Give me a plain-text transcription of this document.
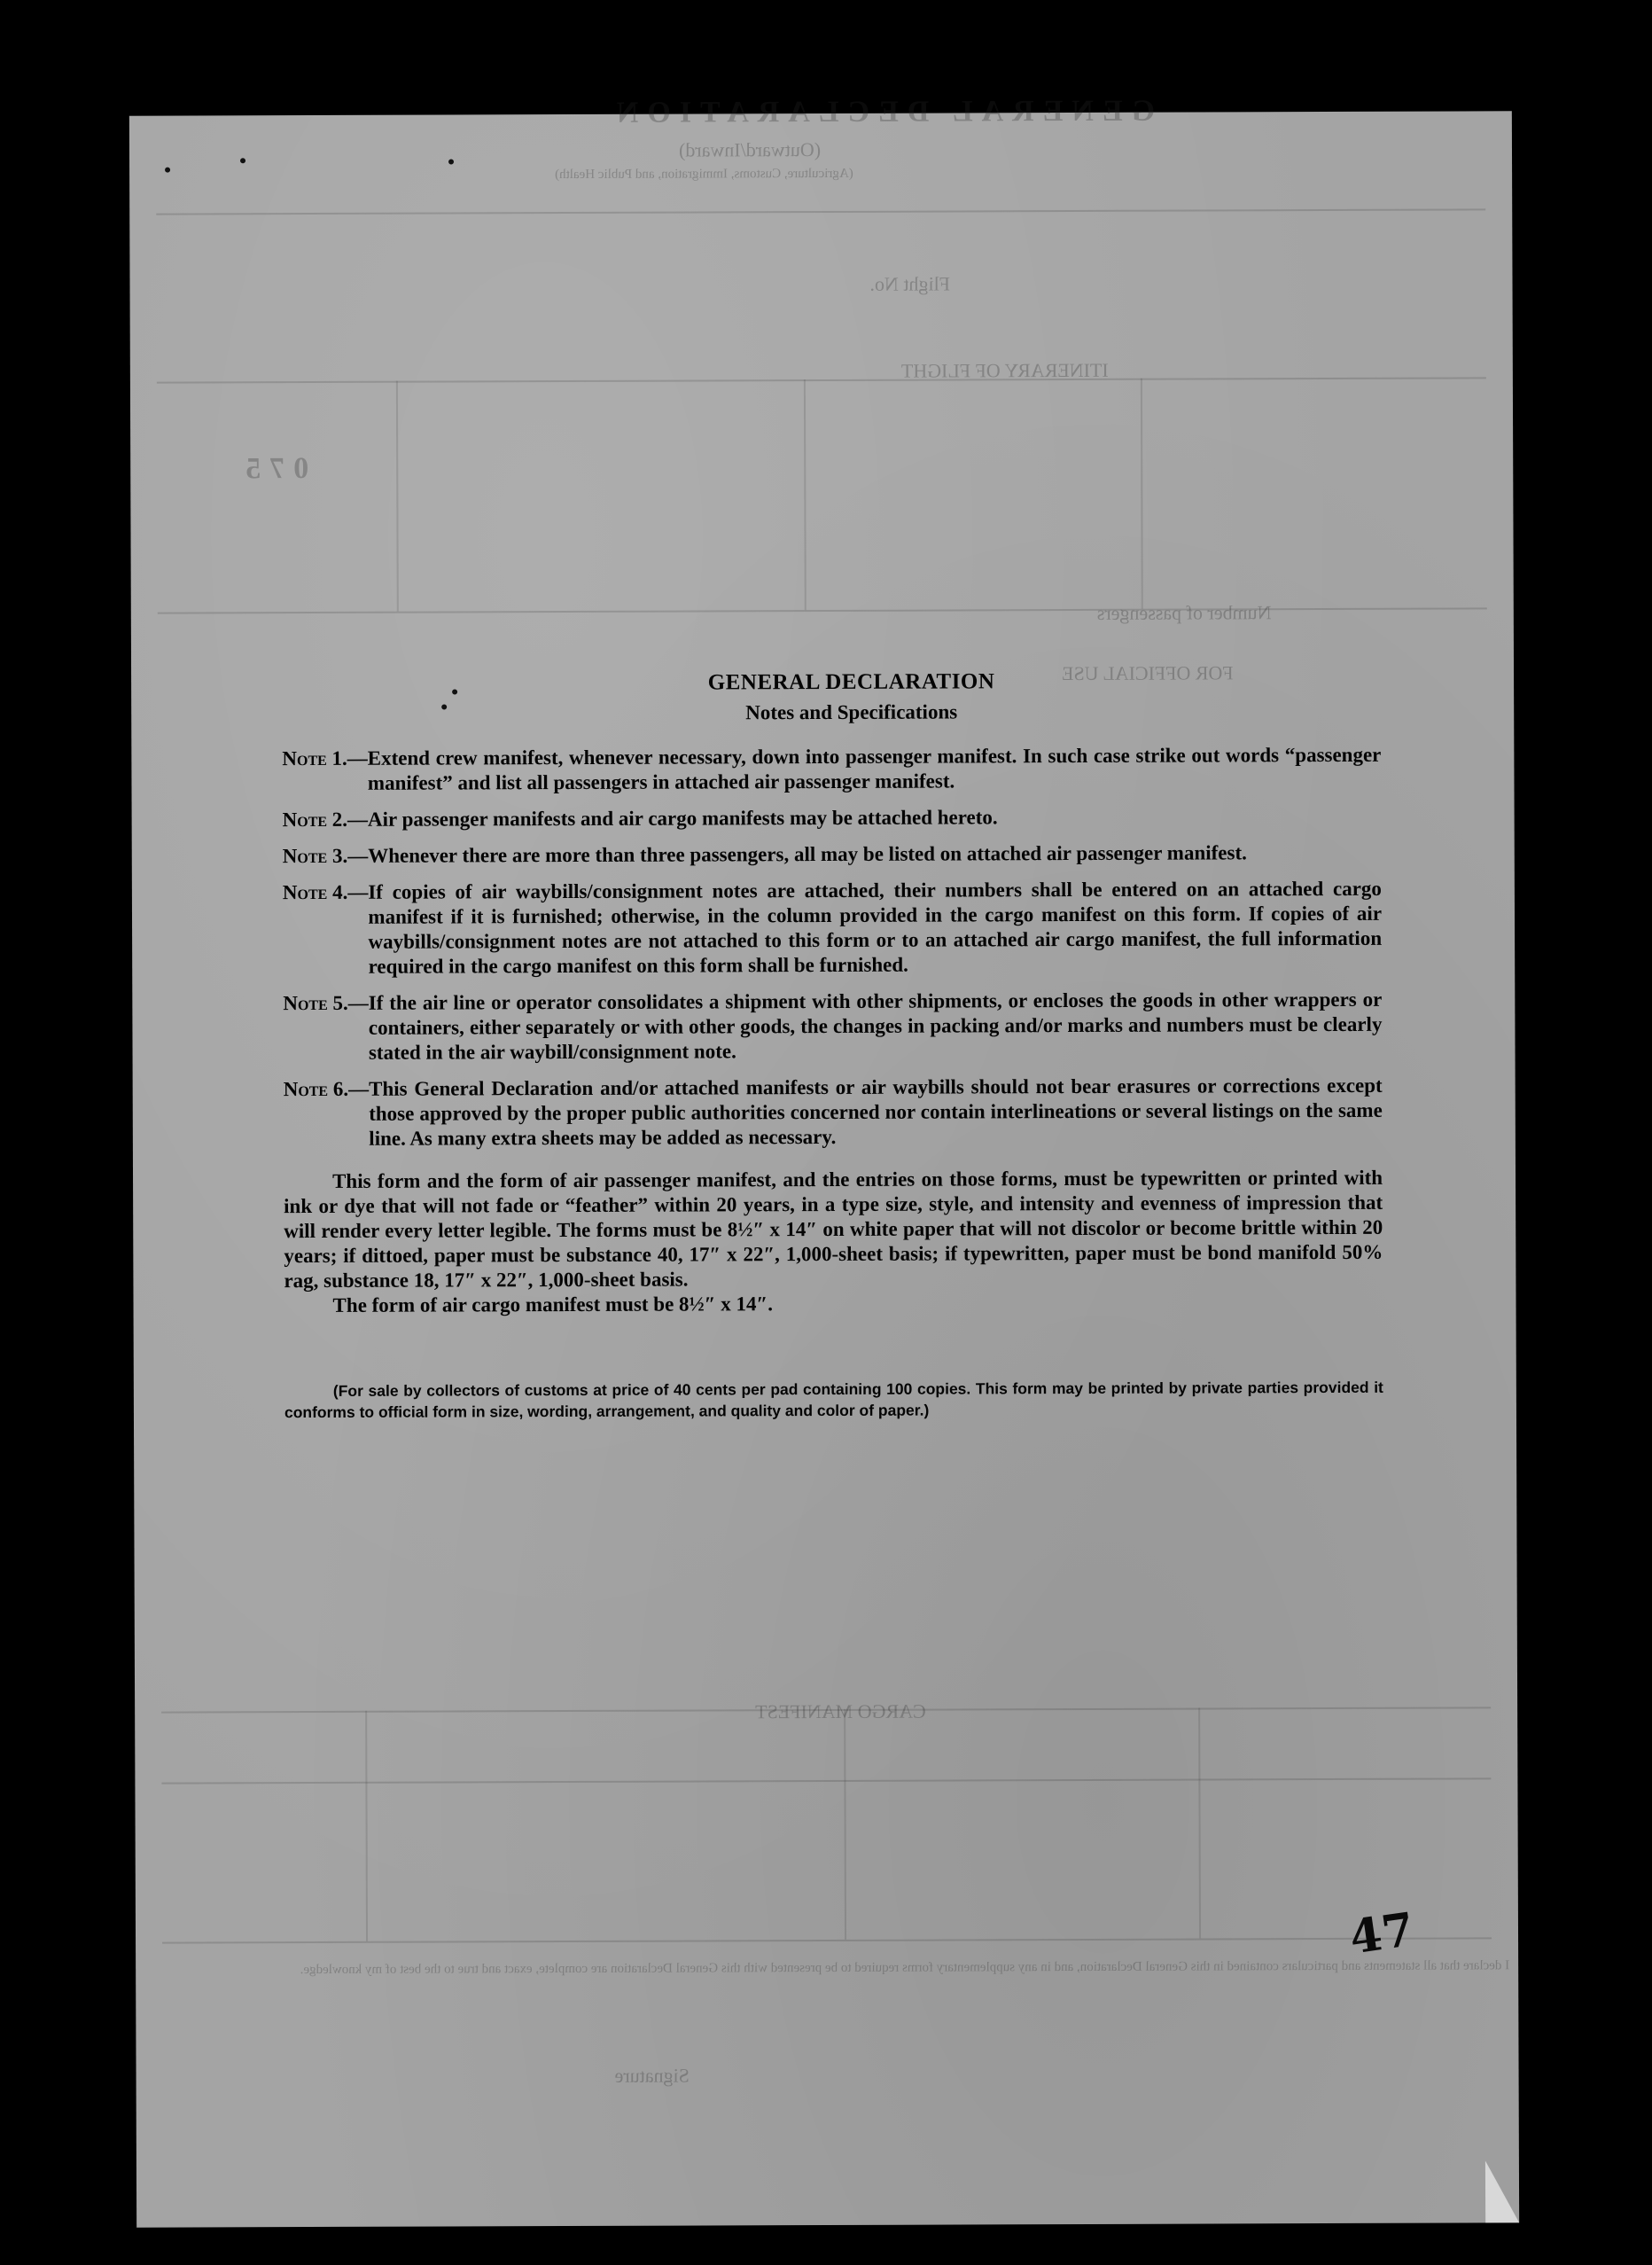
GENERAL DECLARATION
(Outward/Inward)
(Agriculture, Customs, Immigration, and Public Health)
Flight No.
ITINERARY OF FLIGHT
Number of passengers
FOR OFFICIAL USE
075
CARGO MANIFEST
I declare that all statements and particulars contained in this General Declaration, and in any supplementary forms required to be presented with this General Declaration are complete, exact and true to the best of my knowledge.
Signature
47
GENERAL DECLARATION
Notes and Specifications
Note 1.— Extend crew manifest, whenever necessary, down into passenger manifest. In such case strike out words “passenger manifest” and list all passengers in attached air passenger manifest.
Note 2.— Air passenger manifests and air cargo manifests may be attached hereto.
Note 3.— Whenever there are more than three passengers, all may be listed on attached air passenger manifest.
Note 4.— If copies of air waybills/consignment notes are attached, their numbers shall be entered on an attached cargo manifest if it is furnished; otherwise, in the column provided in the cargo manifest on this form. If copies of air waybills/consignment notes are not attached to this form or to an attached air cargo manifest, the full information required in the cargo manifest on this form shall be furnished.
Note 5.— If the air line or operator consolidates a shipment with other shipments, or encloses the goods in other wrappers or containers, either separately or with other goods, the changes in packing and/or marks and numbers must be clearly stated in the air waybill/consignment note.
Note 6.— This General Declaration and/or attached manifests or air waybills should not bear erasures or corrections except those approved by the proper public authorities concerned nor contain interlineations or several listings on the same line. As many extra sheets may be added as necessary.
This form and the form of air passenger manifest, and the entries on those forms, must be typewritten or printed with ink or dye that will not fade or “feather” within 20 years, in a type size, style, and intensity and evenness of impression that will render every letter legible. The forms must be 8½″ x 14″ on white paper that will not discolor or become brittle within 20 years; if dittoed, paper must be substance 40, 17″ x 22″, 1,000-sheet basis; if typewritten, paper must be bond manifold 50% rag, substance 18, 17″ x 22″, 1,000-sheet basis.
The form of air cargo manifest must be 8½″ x 14″.
(For sale by collectors of customs at price of 40 cents per pad containing 100 copies. This form may be printed by private parties provided it conforms to official form in size, wording, arrangement, and quality and color of paper.)
